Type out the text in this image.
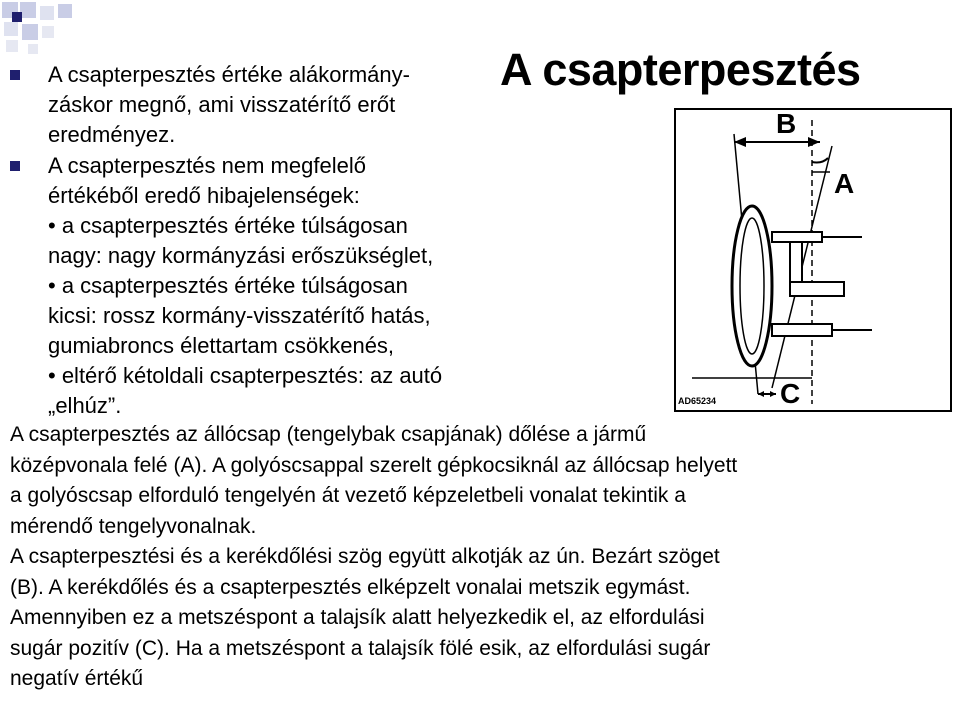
A csapterpesztés

A csapterpesztés értéke alákormány-

záskor megnő, ami visszatérítő erőt

eredményez.

A csapterpesztés nem megfelelő

értékéből eredő hibajelenségek:

• a csapterpesztés értéke túlságosan

nagy: nagy kormányzási erőszükséglet,

• a csapterpesztés értéke túlságosan

kicsi: rossz kormány-visszatérítő hatás,

gumiabroncs élettartam csökkenés,

• eltérő kétoldali csapterpesztés: az autó

„elhúz”.

B
A
C
AD65234

A csapterpesztés az állócsap (tengelybak csapjának) dőlése a jármű

középvonala felé (A). A golyóscsappal szerelt gépkocsiknál az állócsap helyett

a golyóscsap elforduló tengelyén át vezető képzeletbeli vonalat tekintik a

mérendő tengelyvonalnak.

A csapterpesztési és a kerékdőlési szög együtt alkotják az ún. Bezárt szöget

(B). A kerékdőlés és a csapterpesztés elképzelt vonalai metszik egymást.

Amennyiben ez a metszéspont a talajsík alatt helyezkedik el, az elfordulási

sugár pozitív (C). Ha a metszéspont a talajsík fölé esik, az elfordulási sugár

negatív értékű
